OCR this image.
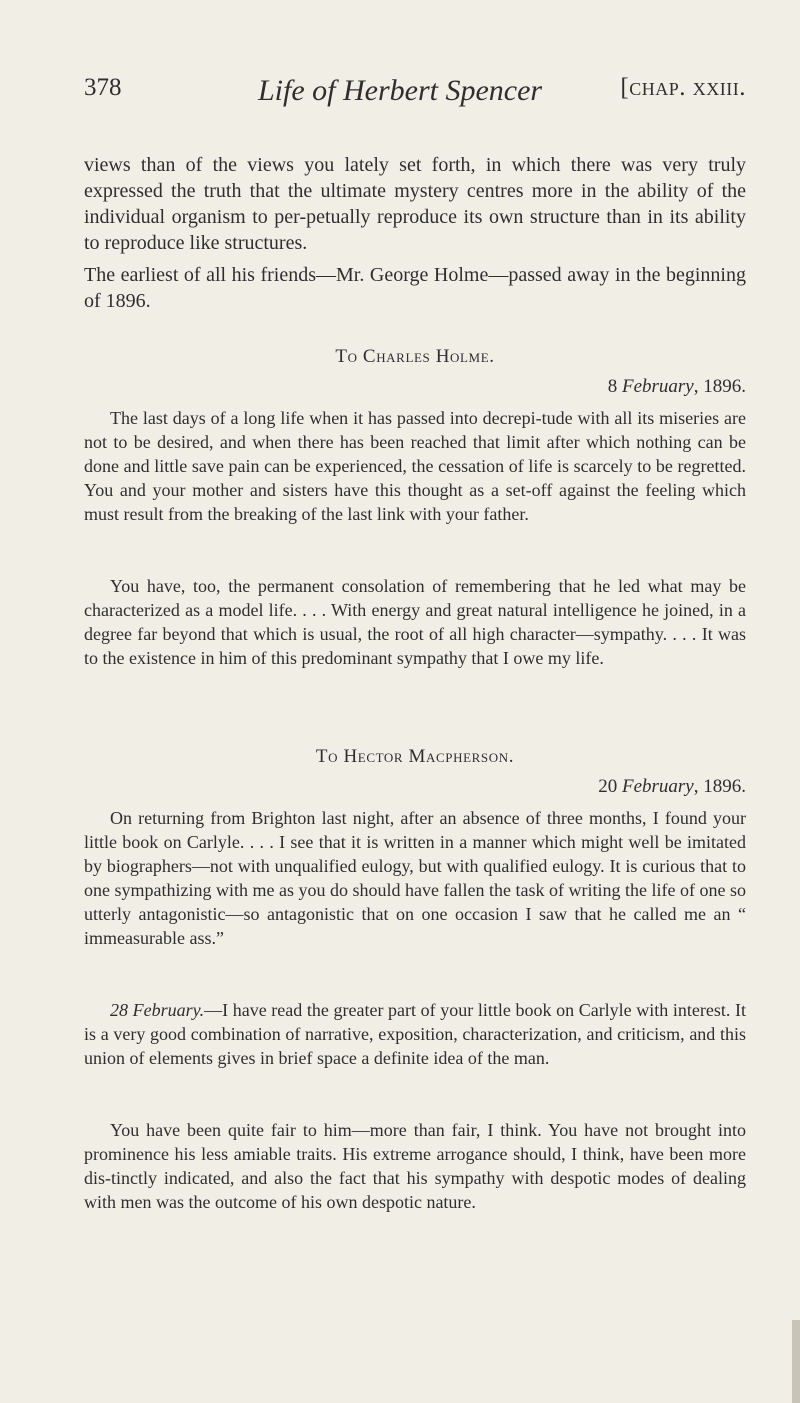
378	Life of Herbert Spencer	[chap. xxiii.

views than of the views you lately set forth, in which there was very truly expressed the truth that the ultimate mystery centres more in the ability of the individual organism to per-petually reproduce its own structure than in its ability to reproduce like structures.

The earliest of all his friends—Mr. George Holme—passed away in the beginning of 1896.

To Charles Holme.
8 February, 1896.

The last days of a long life when it has passed into decrepi-tude with all its miseries are not to be desired, and when there has been reached that limit after which nothing can be done and little save pain can be experienced, the cessation of life is scarcely to be regretted. You and your mother and sisters have this thought as a set-off against the feeling which must result from the breaking of the last link with your father.

You have, too, the permanent consolation of remembering that he led what may be characterized as a model life. . . . With energy and great natural intelligence he joined, in a degree far beyond that which is usual, the root of all high character—sympathy. . . . It was to the existence in him of this predominant sympathy that I owe my life.

To Hector Macpherson.
20 February, 1896.

On returning from Brighton last night, after an absence of three months, I found your little book on Carlyle. . . . I see that it is written in a manner which might well be imitated by biographers—not with unqualified eulogy, but with qualified eulogy. It is curious that to one sympathizing with me as you do should have fallen the task of writing the life of one so utterly antagonistic—so antagonistic that on one occasion I saw that he called me an “ immeasurable ass.”

28 February.—I have read the greater part of your little book on Carlyle with interest. It is a very good combination of narrative, exposition, characterization, and criticism, and this union of elements gives in brief space a definite idea of the man.

You have been quite fair to him—more than fair, I think. You have not brought into prominence his less amiable traits. His extreme arrogance should, I think, have been more dis-tinctly indicated, and also the fact that his sympathy with despotic modes of dealing with men was the outcome of his own despotic nature.
